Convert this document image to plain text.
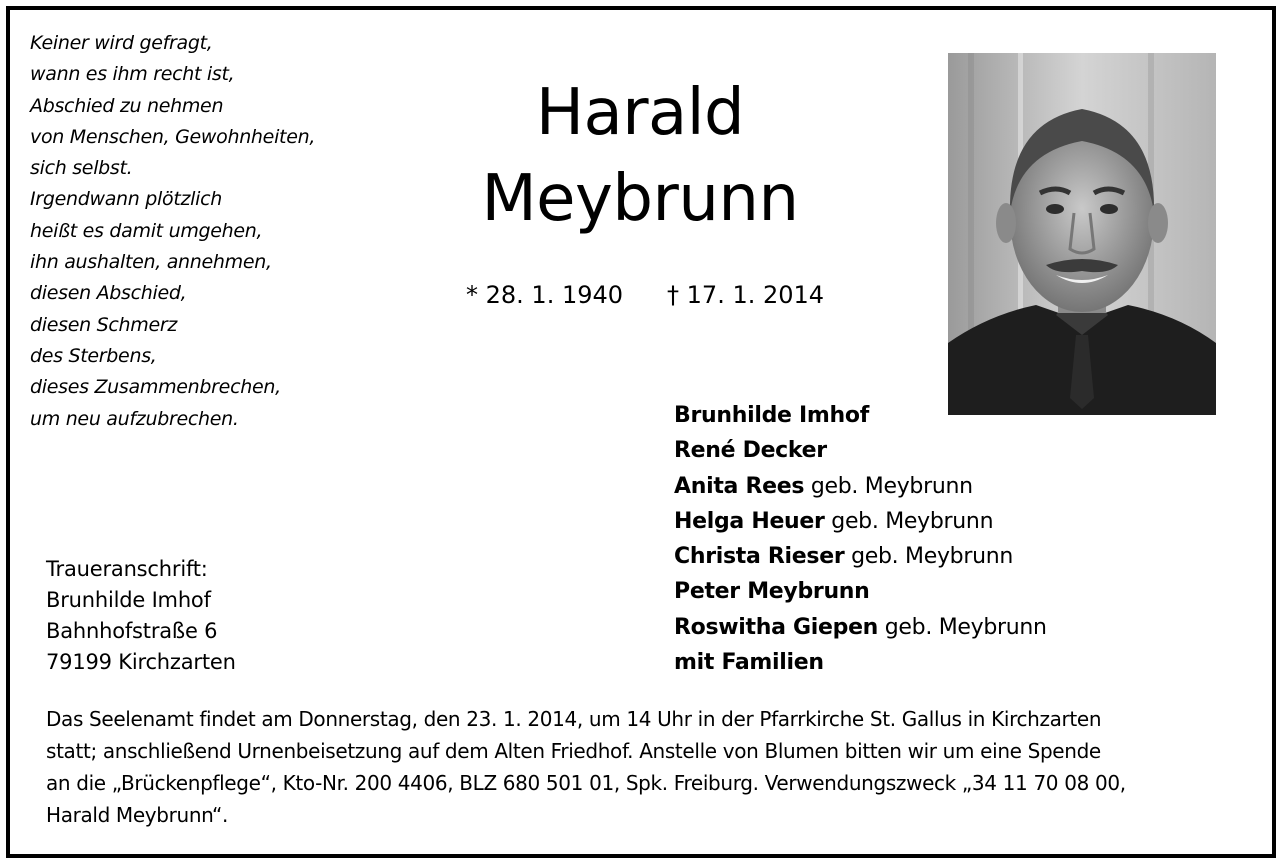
Keiner wird gefragt,
wann es ihm recht ist,
Abschied zu nehmen
von Menschen, Gewohnheiten,
sich selbst.
Irgendwann plötzlich
heißt es damit umgehen,
ihn aushalten, annehmen,
diesen Abschied,
diesen Schmerz
des Sterbens,
dieses Zusammenbrechen,
um neu aufzubrechen.
Harald
Meybrunn
* 28. 1. 1940 † 17. 1. 2014
Brunhilde Imhof
René Decker
Anita Rees geb. Meybrunn
Helga Heuer geb. Meybrunn
Christa Rieser geb. Meybrunn
Peter Meybrunn
Roswitha Giepen geb. Meybrunn
mit Familien
Traueranschrift:
Brunhilde Imhof
Bahnhofstraße 6
79199 Kirchzarten
Das Seelenamt findet am Donnerstag, den 23. 1. 2014, um 14 Uhr in der Pfarrkirche St. Gallus in Kirchzarten
statt; anschließend Urnenbeisetzung auf dem Alten Friedhof. Anstelle von Blumen bitten wir um eine Spende
an die „Brückenpflege“, Kto-Nr. 200 4406, BLZ 680 501 01, Spk. Freiburg. Verwendungszweck „34 11 70 08 00,
Harald Meybrunn“.
